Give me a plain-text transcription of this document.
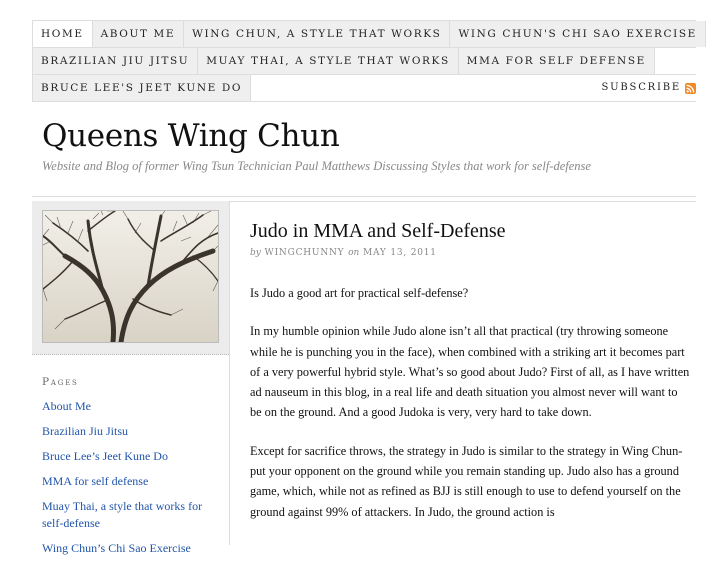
HOME	ABOUT ME	WING CHUN, A STYLE THAT WORKS	WING CHUN'S CHI SAO EXERCISE
BRAZILIAN JIU JITSU	MUAY THAI, A STYLE THAT WORKS	MMA FOR SELF DEFENSE
BRUCE LEE'S JEET KUNE DO	SUBSCRIBE
Queens Wing Chun
Website and Blog of former Wing Tsun Technician Paul Matthews Discussing Styles that work for self-defense
Pages
About Me
Brazilian Jiu Jitsu
Bruce Lee’s Jeet Kune Do
MMA for self defense
Muay Thai, a style that works for self-defense
Wing Chun’s Chi Sao Exercise
Judo in MMA and Self-Defense
by WINGCHUNNY on MAY 13, 2011

Is Judo a good art for practical self-defense?

In my humble opinion while Judo alone isn’t all that practical (try throwing someone while he is punching you in the face), when combined with a striking art it becomes part of a very powerful hybrid style. What’s so good about Judo? First of all, as I have written ad nauseum in this blog, in a real life and death situation you almost never will want to be on the ground. And a good Judoka is very, very hard to take down.

Except for sacrifice throws, the strategy in Judo is similar to the strategy in Wing Chun- put your opponent on the ground while you remain standing up. Judo also has a ground game, which, while not as refined as BJJ is still enough to use to defend yourself on the ground against 99% of attackers. In Judo, the ground action is
